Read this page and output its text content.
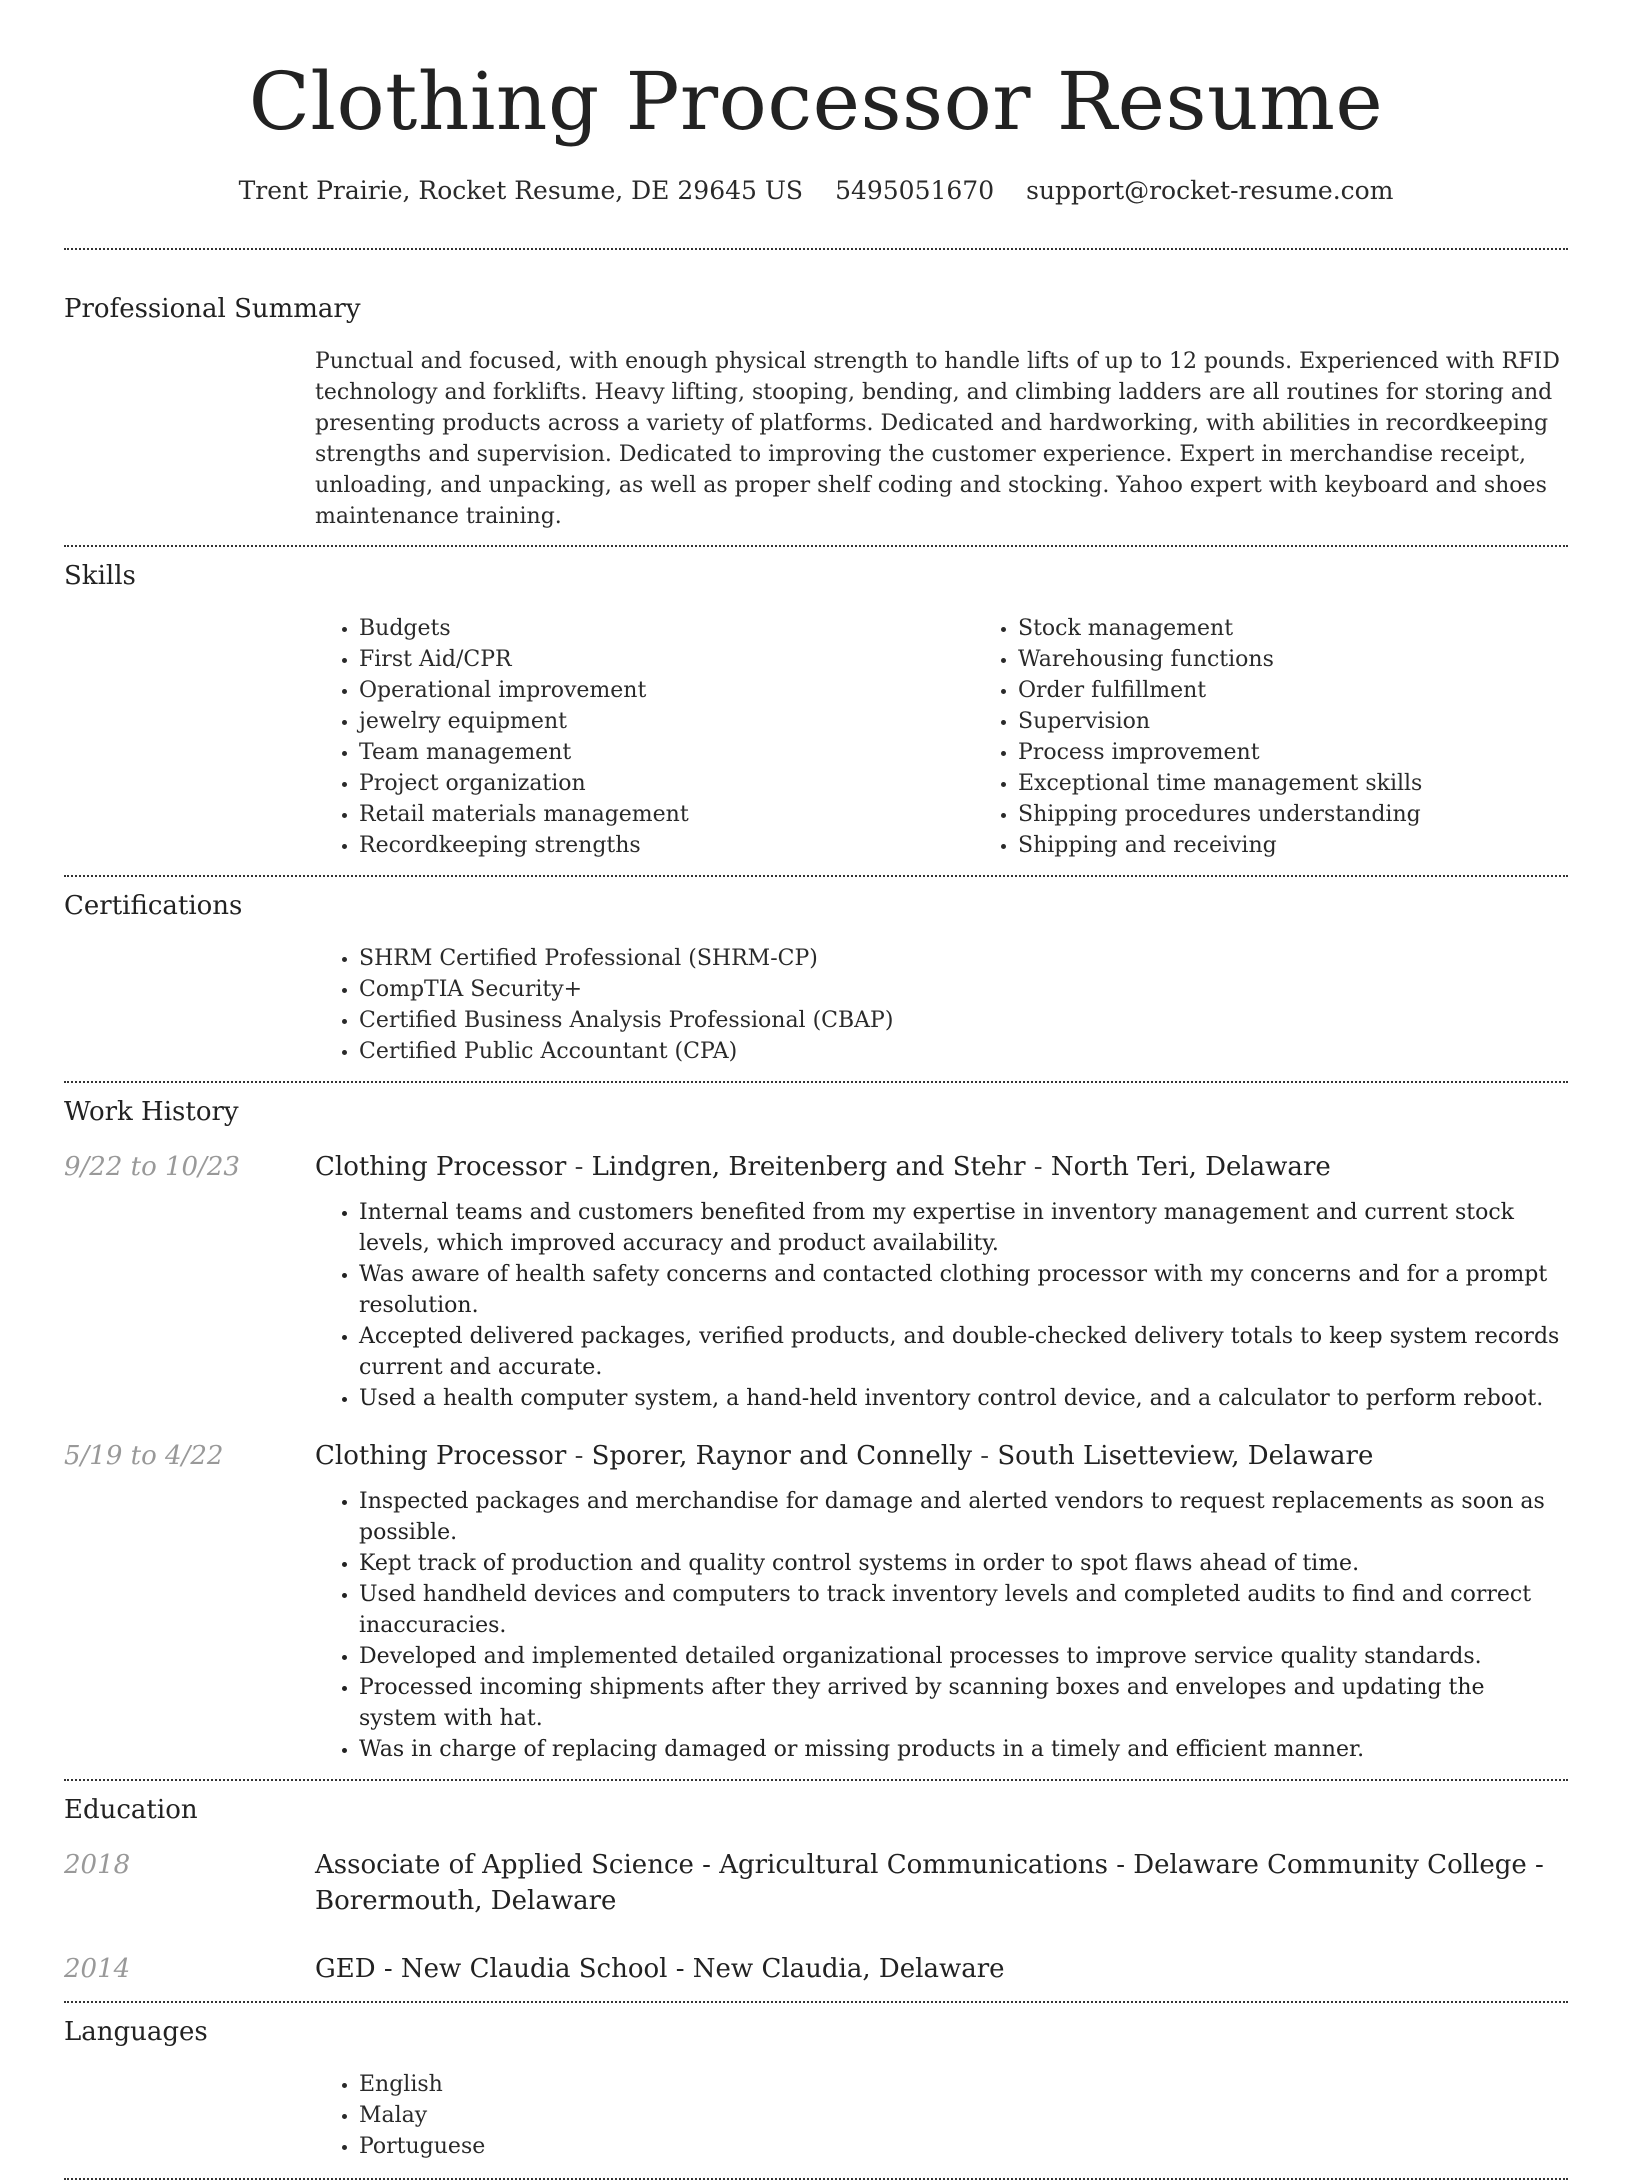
Clothing Processor Resume
Trent Prairie, Rocket Resume, DE 29645 US 5495051670 support@rocket-resume.com
Professional Summary

Punctual and focused, with enough physical strength to handle lifts of up to 12 pounds. Experienced with RFID technology and forklifts. Heavy lifting, stooping, bending, and climbing ladders are all routines for storing and presenting products across a variety of platforms. Dedicated and hardworking, with abilities in recordkeeping strengths and supervision. Dedicated to improving the customer experience. Expert in merchandise receipt, unloading, and unpacking, as well as proper shelf coding and stocking. Yahoo expert with keyboard and shoes maintenance training.

Skills
• Budgets
• First Aid/CPR
• Operational improvement
• jewelry equipment
• Team management
• Project organization
• Retail materials management
• Recordkeeping strengths
• Stock management
• Warehousing functions
• Order fulfillment
• Supervision
• Process improvement
• Exceptional time management skills
• Shipping procedures understanding
• Shipping and receiving
Certifications
• SHRM Certified Professional (SHRM-CP)
• CompTIA Security+
• Certified Business Analysis Professional (CBAP)
• Certified Public Accountant (CPA)
Work History
9/22 to 10/23	Clothing Processor - Lindgren, Breitenberg and Stehr - North Teri, Delaware
• Internal teams and customers benefited from my expertise in inventory management and current stock levels, which improved accuracy and product availability.
• Was aware of health safety concerns and contacted clothing processor with my concerns and for a prompt resolution.
• Accepted delivered packages, verified products, and double-checked delivery totals to keep system records current and accurate.
• Used a health computer system, a hand-held inventory control device, and a calculator to perform reboot.
5/19 to 4/22	Clothing Processor - Sporer, Raynor and Connelly - South Lisetteview, Delaware
• Inspected packages and merchandise for damage and alerted vendors to request replacements as soon as possible.
• Kept track of production and quality control systems in order to spot flaws ahead of time.
• Used handheld devices and computers to track inventory levels and completed audits to find and correct inaccuracies.
• Developed and implemented detailed organizational processes to improve service quality standards.
• Processed incoming shipments after they arrived by scanning boxes and envelopes and updating the system with hat.
• Was in charge of replacing damaged or missing products in a timely and efficient manner.
Education
2018	Associate of Applied Science - Agricultural Communications - Delaware Community College - Borermouth, Delaware
2014	GED - New Claudia School - New Claudia, Delaware
Languages
• English
• Malay
• Portuguese
